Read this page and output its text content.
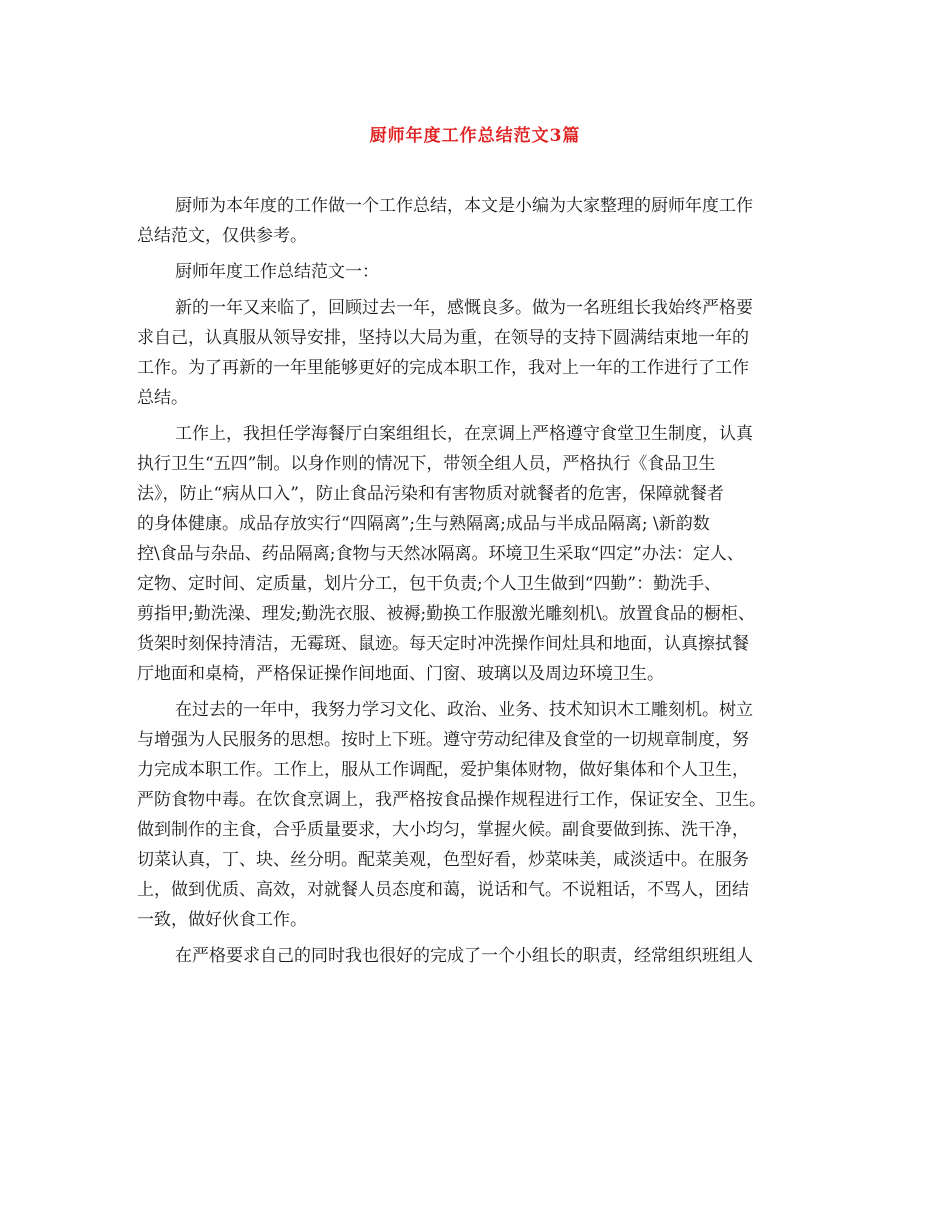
厨师年度工作总结范文3篇

厨师为本年度的工作做一个工作总结，本文是小编为大家整理的厨师年度工作
总结范文，仅供参考。

厨师年度工作总结范文一：

新的一年又来临了，回顾过去一年，感慨良多。做为一名班组长我始终严格要
求自己，认真服从领导安排，坚持以大局为重，在领导的支持下圆满结束地一年的
工作。为了再新的一年里能够更好的完成本职工作，我对上一年的工作进行了工作
总结。

工作上，我担任学海餐厅白案组组长，在烹调上严格遵守食堂卫生制度，认真
执行卫生“五四”制。以身作则的情况下，带领全组人员，严格执行《食品卫生
法》，防止“病从口入”，防止食品污染和有害物质对就餐者的危害，保障就餐者
的身体健康。成品存放实行“四隔离”;生与熟隔离;成品与半成品隔离; \新韵数
控\食品与杂品、药品隔离;食物与天然冰隔离。环境卫生采取“四定”办法：定人、
定物、定时间、定质量，划片分工，包干负责;个人卫生做到“四勤”：勤洗手、
剪指甲;勤洗澡、理发;勤洗衣服、被褥;勤换工作服激光雕刻机\。放置食品的橱柜、
货架时刻保持清洁，无霉斑、鼠迹。每天定时冲洗操作间灶具和地面，认真擦拭餐
厅地面和桌椅，严格保证操作间地面、门窗、玻璃以及周边环境卫生。

在过去的一年中，我努力学习文化、政治、业务、技术知识木工雕刻机。树立
与增强为人民服务的思想。按时上下班。遵守劳动纪律及食堂的一切规章制度，努
力完成本职工作。工作上，服从工作调配，爱护集体财物，做好集体和个人卫生，
严防食物中毒。在饮食烹调上，我严格按食品操作规程进行工作，保证安全、卫生。
做到制作的主食，合乎质量要求，大小均匀，掌握火候。副食要做到拣、洗干净，
切菜认真，丁、块、丝分明。配菜美观，色型好看，炒菜味美，咸淡适中。在服务
上，做到优质、高效，对就餐人员态度和蔼，说话和气。不说粗话，不骂人，团结
一致，做好伙食工作。

在严格要求自己的同时我也很好的完成了一个小组长的职责，经常组织班组人
